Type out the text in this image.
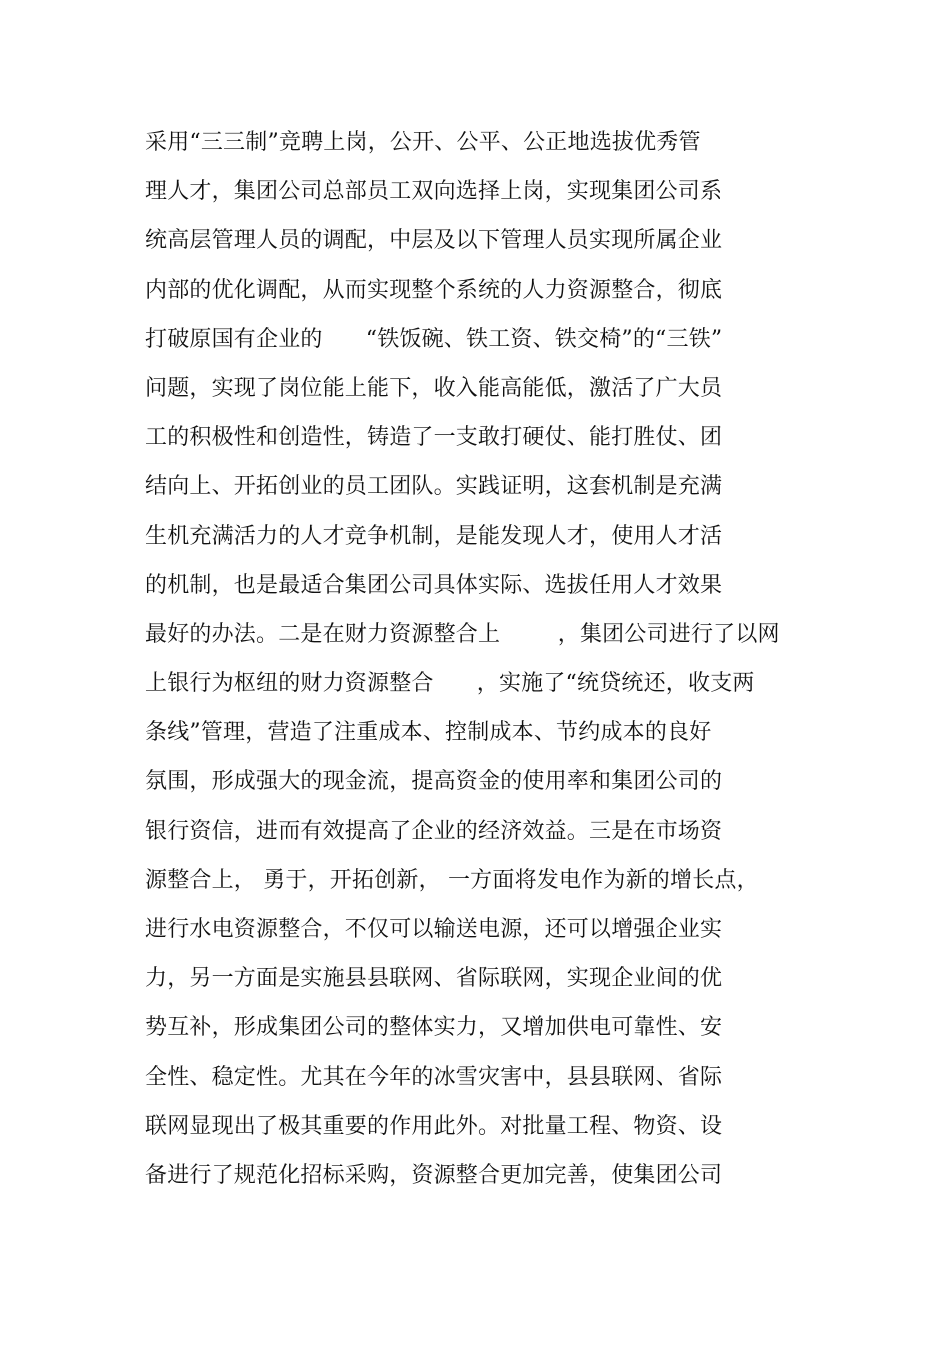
采用“三三制”竞聘上岗，公开、公平、公正地选拔优秀管
理人才，集团公司总部员工双向选择上岗，实现集团公司系
统高层管理人员的调配，中层及以下管理人员实现所属企业
内部的优化调配，从而实现整个系统的人力资源整合，彻底
打破原国有企业的      “铁饭碗、铁工资、铁交椅”的“三铁”
问题，实现了岗位能上能下，收入能高能低，激活了广大员
工的积极性和创造性，铸造了一支敢打硬仗、能打胜仗、团
结向上、开拓创业的员工团队。实践证明，这套机制是充满
生机充满活力的人才竞争机制，是能发现人才，使用人才活
的机制，也是最适合集团公司具体实际、选拔任用人才效果
最好的办法。二是在财力资源整合上        ，集团公司进行了以网
上银行为枢纽的财力资源整合      ，实施了“统贷统还，收支两
条线”管理，营造了注重成本、控制成本、节约成本的良好
氛围，形成强大的现金流，提高资金的使用率和集团公司的
银行资信，进而有效提高了企业的经济效益。三是在市场资
源整合上， 勇于，开拓创新， 一方面将发电作为新的增长点，
进行水电资源整合，不仅可以输送电源，还可以增强企业实
力，另一方面是实施县县联网、省际联网，实现企业间的优
势互补，形成集团公司的整体实力，又增加供电可靠性、安
全性、稳定性。尤其在今年的冰雪灾害中，县县联网、省际
联网显现出了极其重要的作用此外。对批量工程、物资、设
备进行了规范化招标采购，资源整合更加完善，使集团公司
